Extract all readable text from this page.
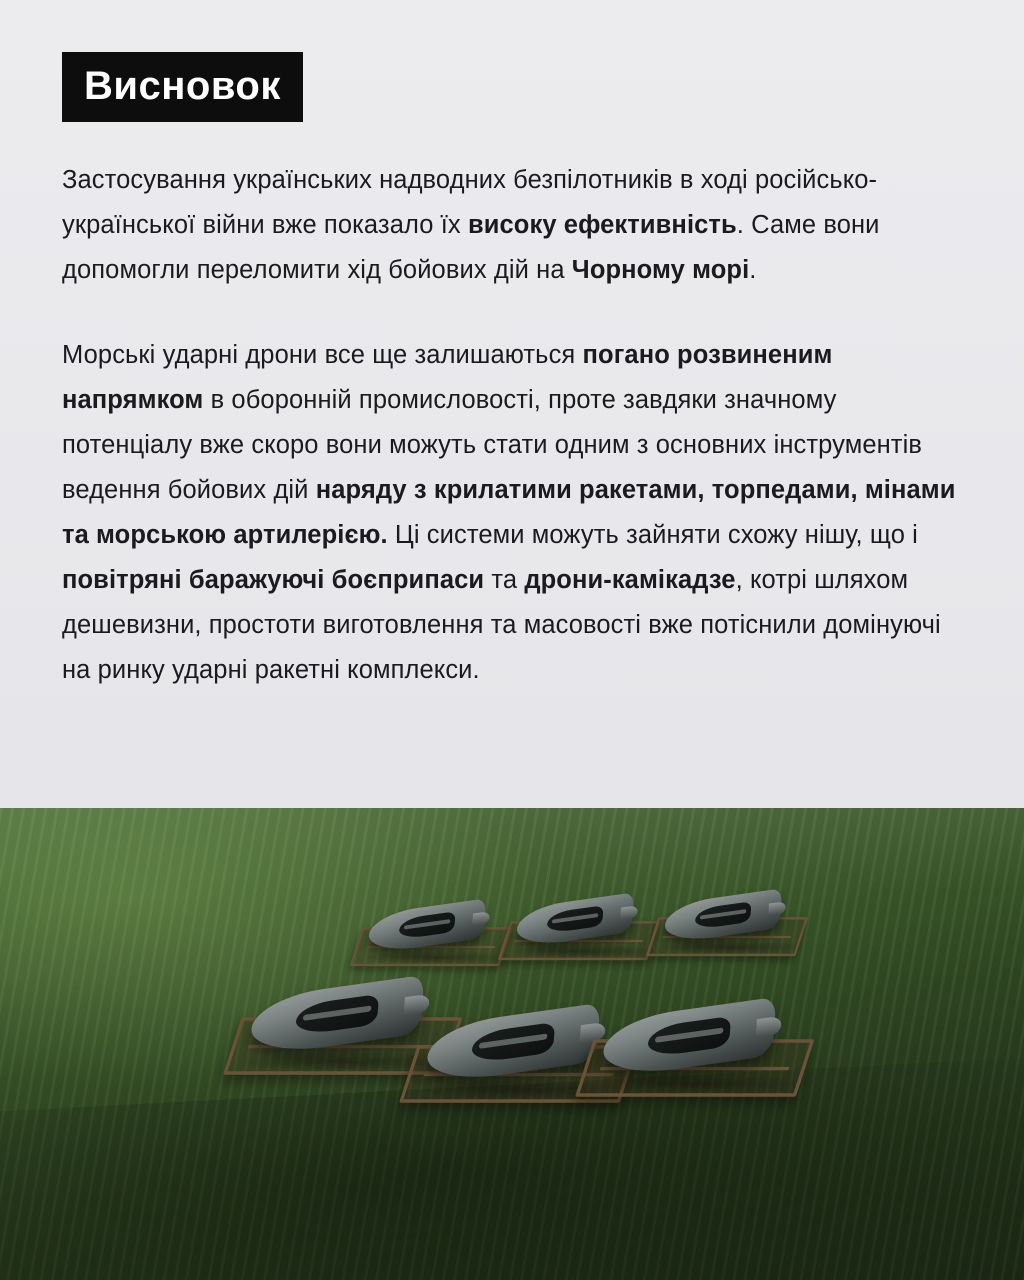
Висновок

Застосування українських надводних безпілотників в ході російсько-української війни вже показало їх високу ефективність. Саме вони допомогли переломити хід бойових дій на Чорному морі.

Морські ударні дрони все ще залишаються погано розвиненим напрямком в оборонній промисловості, проте завдяки значному потенціалу вже скоро вони можуть стати одним з основних інструментів ведення бойових дій наряду з крилатими ракетами, торпедами, мінами та морською артилерією. Ці системи можуть зайняти схожу нішу, що і повітряні баражуючі боєприпаси та дрони-камікадзе, котрі шляхом дешевизни, простоти виготовлення та масовості вже потіснили домінуючі на ринку ударні ракетні комплекси.
